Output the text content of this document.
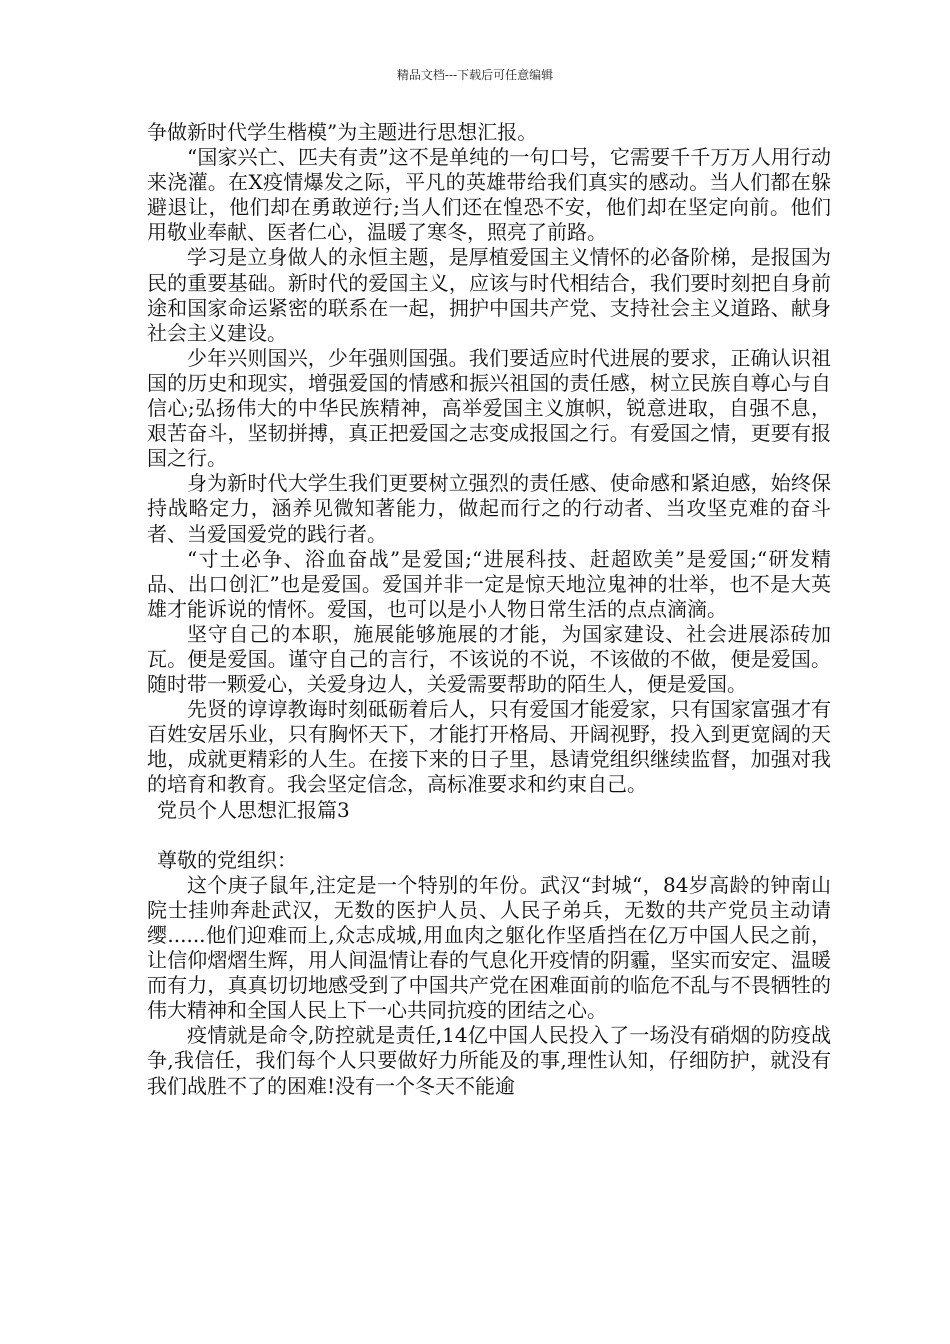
精品文档---下载后可任意编辑

争做新时代学生楷模”为主题进行思想汇报。

“国家兴亡、匹夫有责”这不是单纯的一句口号，它需要千千万万人用行动来浇灌。在X疫情爆发之际，平凡的英雄带给我们真实的感动。当人们都在躲避退让，他们却在勇敢逆行;当人们还在惶恐不安，他们却在坚定向前。他们用敬业奉献、医者仁心，温暖了寒冬，照亮了前路。

学习是立身做人的永恒主题，是厚植爱国主义情怀的必备阶梯，是报国为民的重要基础。新时代的爱国主义，应该与时代相结合，我们要时刻把自身前途和国家命运紧密的联系在一起，拥护中国共产党、支持社会主义道路、献身社会主义建设。

少年兴则国兴，少年强则国强。我们要适应时代进展的要求，正确认识祖国的历史和现实，增强爱国的情感和振兴祖国的责任感，树立民族自尊心与自信心;弘扬伟大的中华民族精神，高举爱国主义旗帜，锐意进取，自强不息，艰苦奋斗，坚韧拼搏，真正把爱国之志变成报国之行。有爱国之情，更要有报国之行。

身为新时代大学生我们更要树立强烈的责任感、使命感和紧迫感，始终保持战略定力，涵养见微知著能力，做起而行之的行动者、当攻坚克难的奋斗者、当爱国爱党的践行者。

“寸土必争、浴血奋战”是爱国;“进展科技、赶超欧美”是爱国;“研发精品、出口创汇”也是爱国。爱国并非一定是惊天地泣鬼神的壮举，也不是大英雄才能诉说的情怀。爱国，也可以是小人物日常生活的点点滴滴。

坚守自己的本职，施展能够施展的才能，为国家建设、社会进展添砖加瓦。便是爱国。谨守自己的言行，不该说的不说，不该做的不做，便是爱国。随时带一颗爱心，关爱身边人，关爱需要帮助的陌生人，便是爱国。

先贤的谆谆教诲时刻砥砺着后人，只有爱国才能爱家，只有国家富强才有百姓安居乐业，只有胸怀天下，才能打开格局、开阔视野，投入到更宽阔的天地，成就更精彩的人生。在接下来的日子里，恳请党组织继续监督，加强对我的培育和教育。我会坚定信念，高标准要求和约束自己。

党员个人思想汇报篇3

尊敬的党组织：

这个庚子鼠年,注定是一个特别的年份。武汉“封城“，84岁高龄的钟南山院士挂帅奔赴武汉，无数的医护人员、人民子弟兵，无数的共产党员主动请缨......他们迎难而上,众志成城,用血肉之躯化作坚盾挡在亿万中国人民之前，让信仰熠熠生辉，用人间温情让春的气息化开疫情的阴霾，坚实而安定、温暖而有力，真真切切地感受到了中国共产党在困难面前的临危不乱与不畏牺牲的伟大精神和全国人民上下一心共同抗疫的团结之心。

疫情就是命令,防控就是责任,14亿中国人民投入了一场没有硝烟的防疫战争,我信任，我们每个人只要做好力所能及的事,理性认知，仔细防护，就没有我们战胜不了的困难!没有一个冬天不能逾
